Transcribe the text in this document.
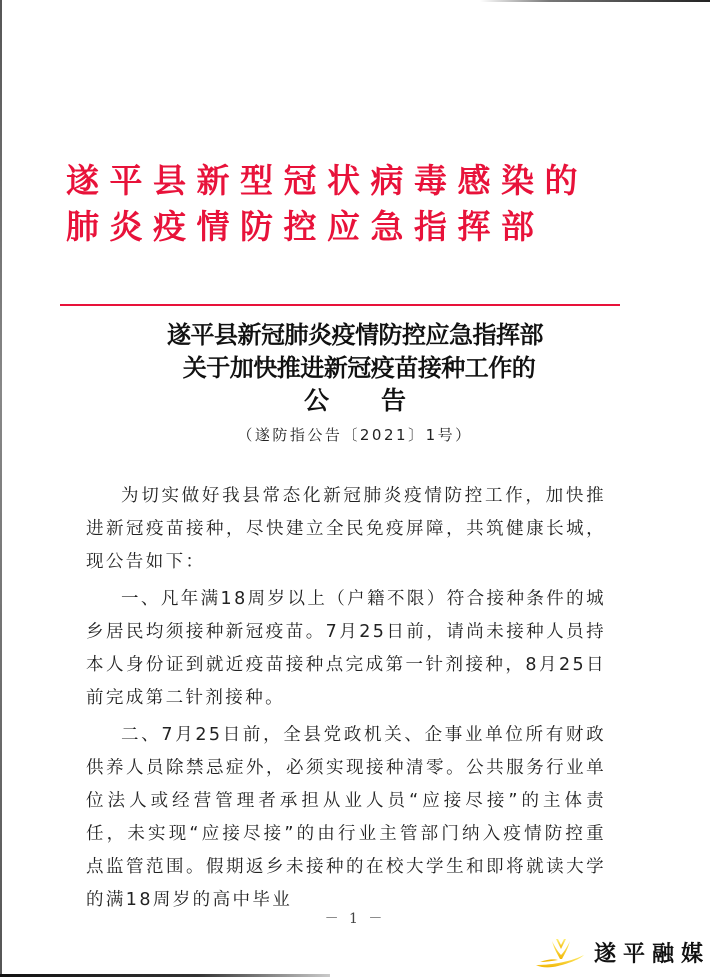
遂平县新型冠状病毒感染的
肺炎疫情防控应急指挥部
遂平县新冠肺炎疫情防控应急指挥部
关于加快推进新冠疫苗接种工作的
公告
（遂防指公告〔2021〕1号）

为切实做好我县常态化新冠肺炎疫情防控工作，加快推进新冠疫苗接种，尽快建立全民免疫屏障，共筑健康长城，现公告如下：

一、凡年满18周岁以上（户籍不限）符合接种条件的城乡居民均须接种新冠疫苗。7月25日前，请尚未接种人员持本人身份证到就近疫苗接种点完成第一针剂接种，8月25日前完成第二针剂接种。

二、7月25日前，全县党政机关、企事业单位所有财政供养人员除禁忌症外，必须实现接种清零。公共服务行业单位法人或经营管理者承担从业人员“应接尽接”的主体责任，未实现“应接尽接”的由行业主管部门纳入疫情防控重点监管范围。假期返乡未接种的在校大学生和即将就读大学的满18周岁的高中毕业

－ 1 －
遂平融媒
